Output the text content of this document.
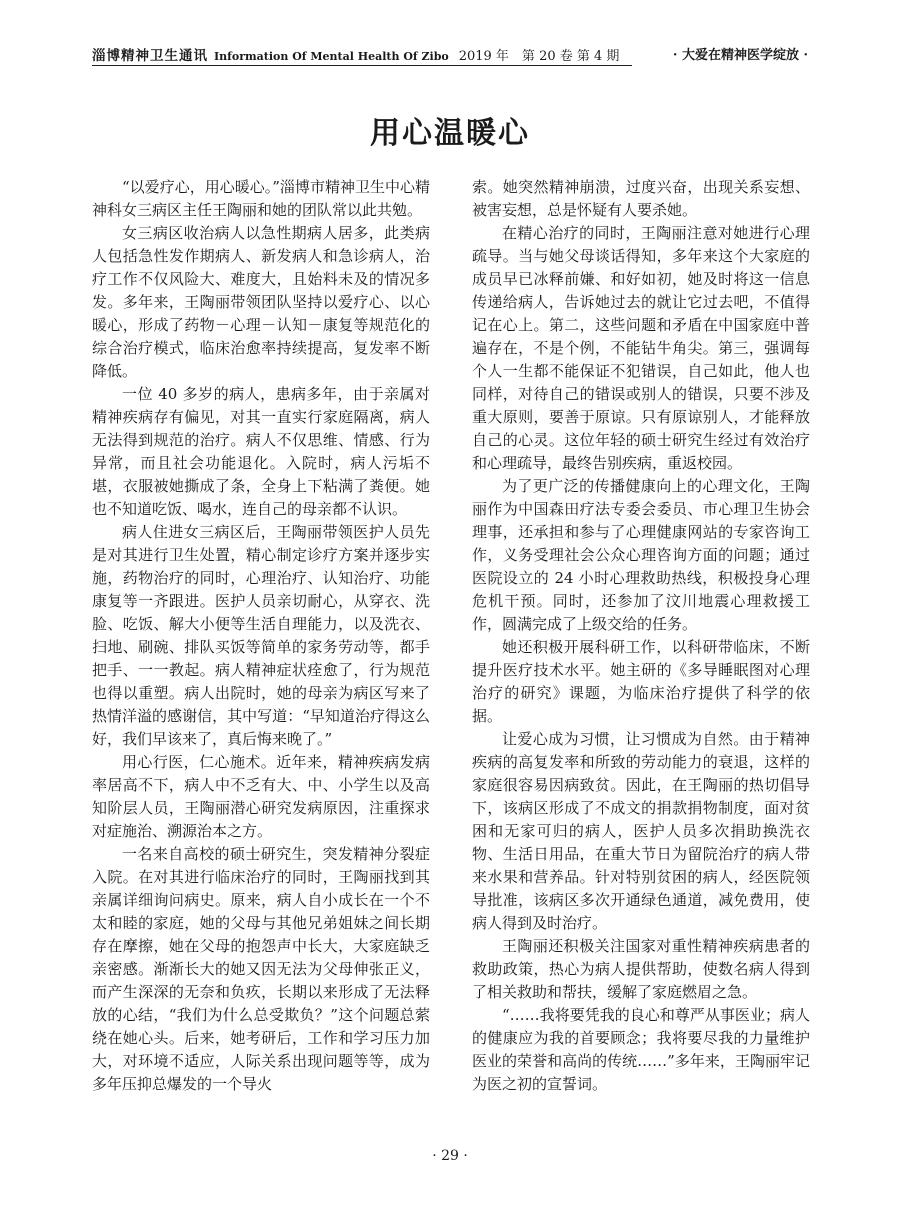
淄博精神卫生通讯 Information Of Mental Health Of Zibo 2019 年　第 20 卷 第 4 期	· 大爱在精神医学绽放 ·
用心温暖心

“以爱疗心，用心暖心。”淄博市精神卫生中心精神科女三病区主任王陶丽和她的团队常以此共勉。

女三病区收治病人以急性期病人居多，此类病人包括急性发作期病人、新发病人和急诊病人，治疗工作不仅风险大、难度大，且始料未及的情况多发。多年来，王陶丽带领团队坚持以爱疗心、以心暖心，形成了药物－心理－认知－康复等规范化的综合治疗模式，临床治愈率持续提高，复发率不断降低。

一位 40 多岁的病人，患病多年，由于亲属对精神疾病存有偏见，对其一直实行家庭隔离，病人无法得到规范的治疗。病人不仅思维、情感、行为异常，而且社会功能退化。入院时，病人污垢不堪，衣服被她撕成了条，全身上下粘满了粪便。她也不知道吃饭、喝水，连自己的母亲都不认识。

病人住进女三病区后，王陶丽带领医护人员先是对其进行卫生处置，精心制定诊疗方案并逐步实施，药物治疗的同时，心理治疗、认知治疗、功能康复等一齐跟进。医护人员亲切耐心，从穿衣、洗脸、吃饭、解大小便等生活自理能力，以及洗衣、扫地、刷碗、排队买饭等简单的家务劳动等，都手把手、一一教起。病人精神症状痊愈了，行为规范也得以重塑。病人出院时，她的母亲为病区写来了热情洋溢的感谢信，其中写道：“早知道治疗得这么好，我们早该来了，真后悔来晚了。”

用心行医，仁心施术。近年来，精神疾病发病率居高不下，病人中不乏有大、中、小学生以及高知阶层人员，王陶丽潜心研究发病原因，注重探求对症施治、溯源治本之方。

一名来自高校的硕士研究生，突发精神分裂症入院。在对其进行临床治疗的同时，王陶丽找到其亲属详细询问病史。原来，病人自小成长在一个不太和睦的家庭，她的父母与其他兄弟姐妹之间长期存在摩擦，她在父母的抱怨声中长大，大家庭缺乏亲密感。渐渐长大的她又因无法为父母伸张正义，而产生深深的无奈和负疚，长期以来形成了无法释放的心结，“我们为什么总受欺负？”这个问题总萦绕在她心头。后来，她考研后，工作和学习压力加大，对环境不适应，人际关系出现问题等等，成为多年压抑总爆发的一个导火

索。她突然精神崩溃，过度兴奋，出现关系妄想、被害妄想，总是怀疑有人要杀她。

在精心治疗的同时，王陶丽注意对她进行心理疏导。当与她父母谈话得知，多年来这个大家庭的成员早已冰释前嫌、和好如初，她及时将这一信息传递给病人，告诉她过去的就让它过去吧，不值得记在心上。第二，这些问题和矛盾在中国家庭中普遍存在，不是个例，不能钻牛角尖。第三，强调每个人一生都不能保证不犯错误，自己如此，他人也同样，对待自己的错误或别人的错误，只要不涉及重大原则，要善于原谅。只有原谅别人，才能释放自己的心灵。这位年轻的硕士研究生经过有效治疗和心理疏导，最终告别疾病，重返校园。

为了更广泛的传播健康向上的心理文化，王陶丽作为中国森田疗法专委会委员、市心理卫生协会理事，还承担和参与了心理健康网站的专家咨询工作，义务受理社会公众心理咨询方面的问题；通过医院设立的 24 小时心理救助热线，积极投身心理危机干预。同时，还参加了汶川地震心理救援工作，圆满完成了上级交给的任务。

她还积极开展科研工作，以科研带临床，不断提升医疗技术水平。她主研的《多导睡眠图对心理治疗的研究》课题，为临床治疗提供了科学的依据。

让爱心成为习惯，让习惯成为自然。由于精神疾病的高复发率和所致的劳动能力的衰退，这样的家庭很容易因病致贫。因此，在王陶丽的热切倡导下，该病区形成了不成文的捐款捐物制度，面对贫困和无家可归的病人，医护人员多次捐助换洗衣物、生活日用品，在重大节日为留院治疗的病人带来水果和营养品。针对特别贫困的病人，经医院领导批准，该病区多次开通绿色通道，减免费用，使病人得到及时治疗。

王陶丽还积极关注国家对重性精神疾病患者的救助政策，热心为病人提供帮助，使数名病人得到了相关救助和帮扶，缓解了家庭燃眉之急。

“……我将要凭我的良心和尊严从事医业；病人的健康应为我的首要顾念；我将要尽我的力量维护医业的荣誉和高尚的传统……”多年来，王陶丽牢记为医之初的宣誓词。

· 29 ·
